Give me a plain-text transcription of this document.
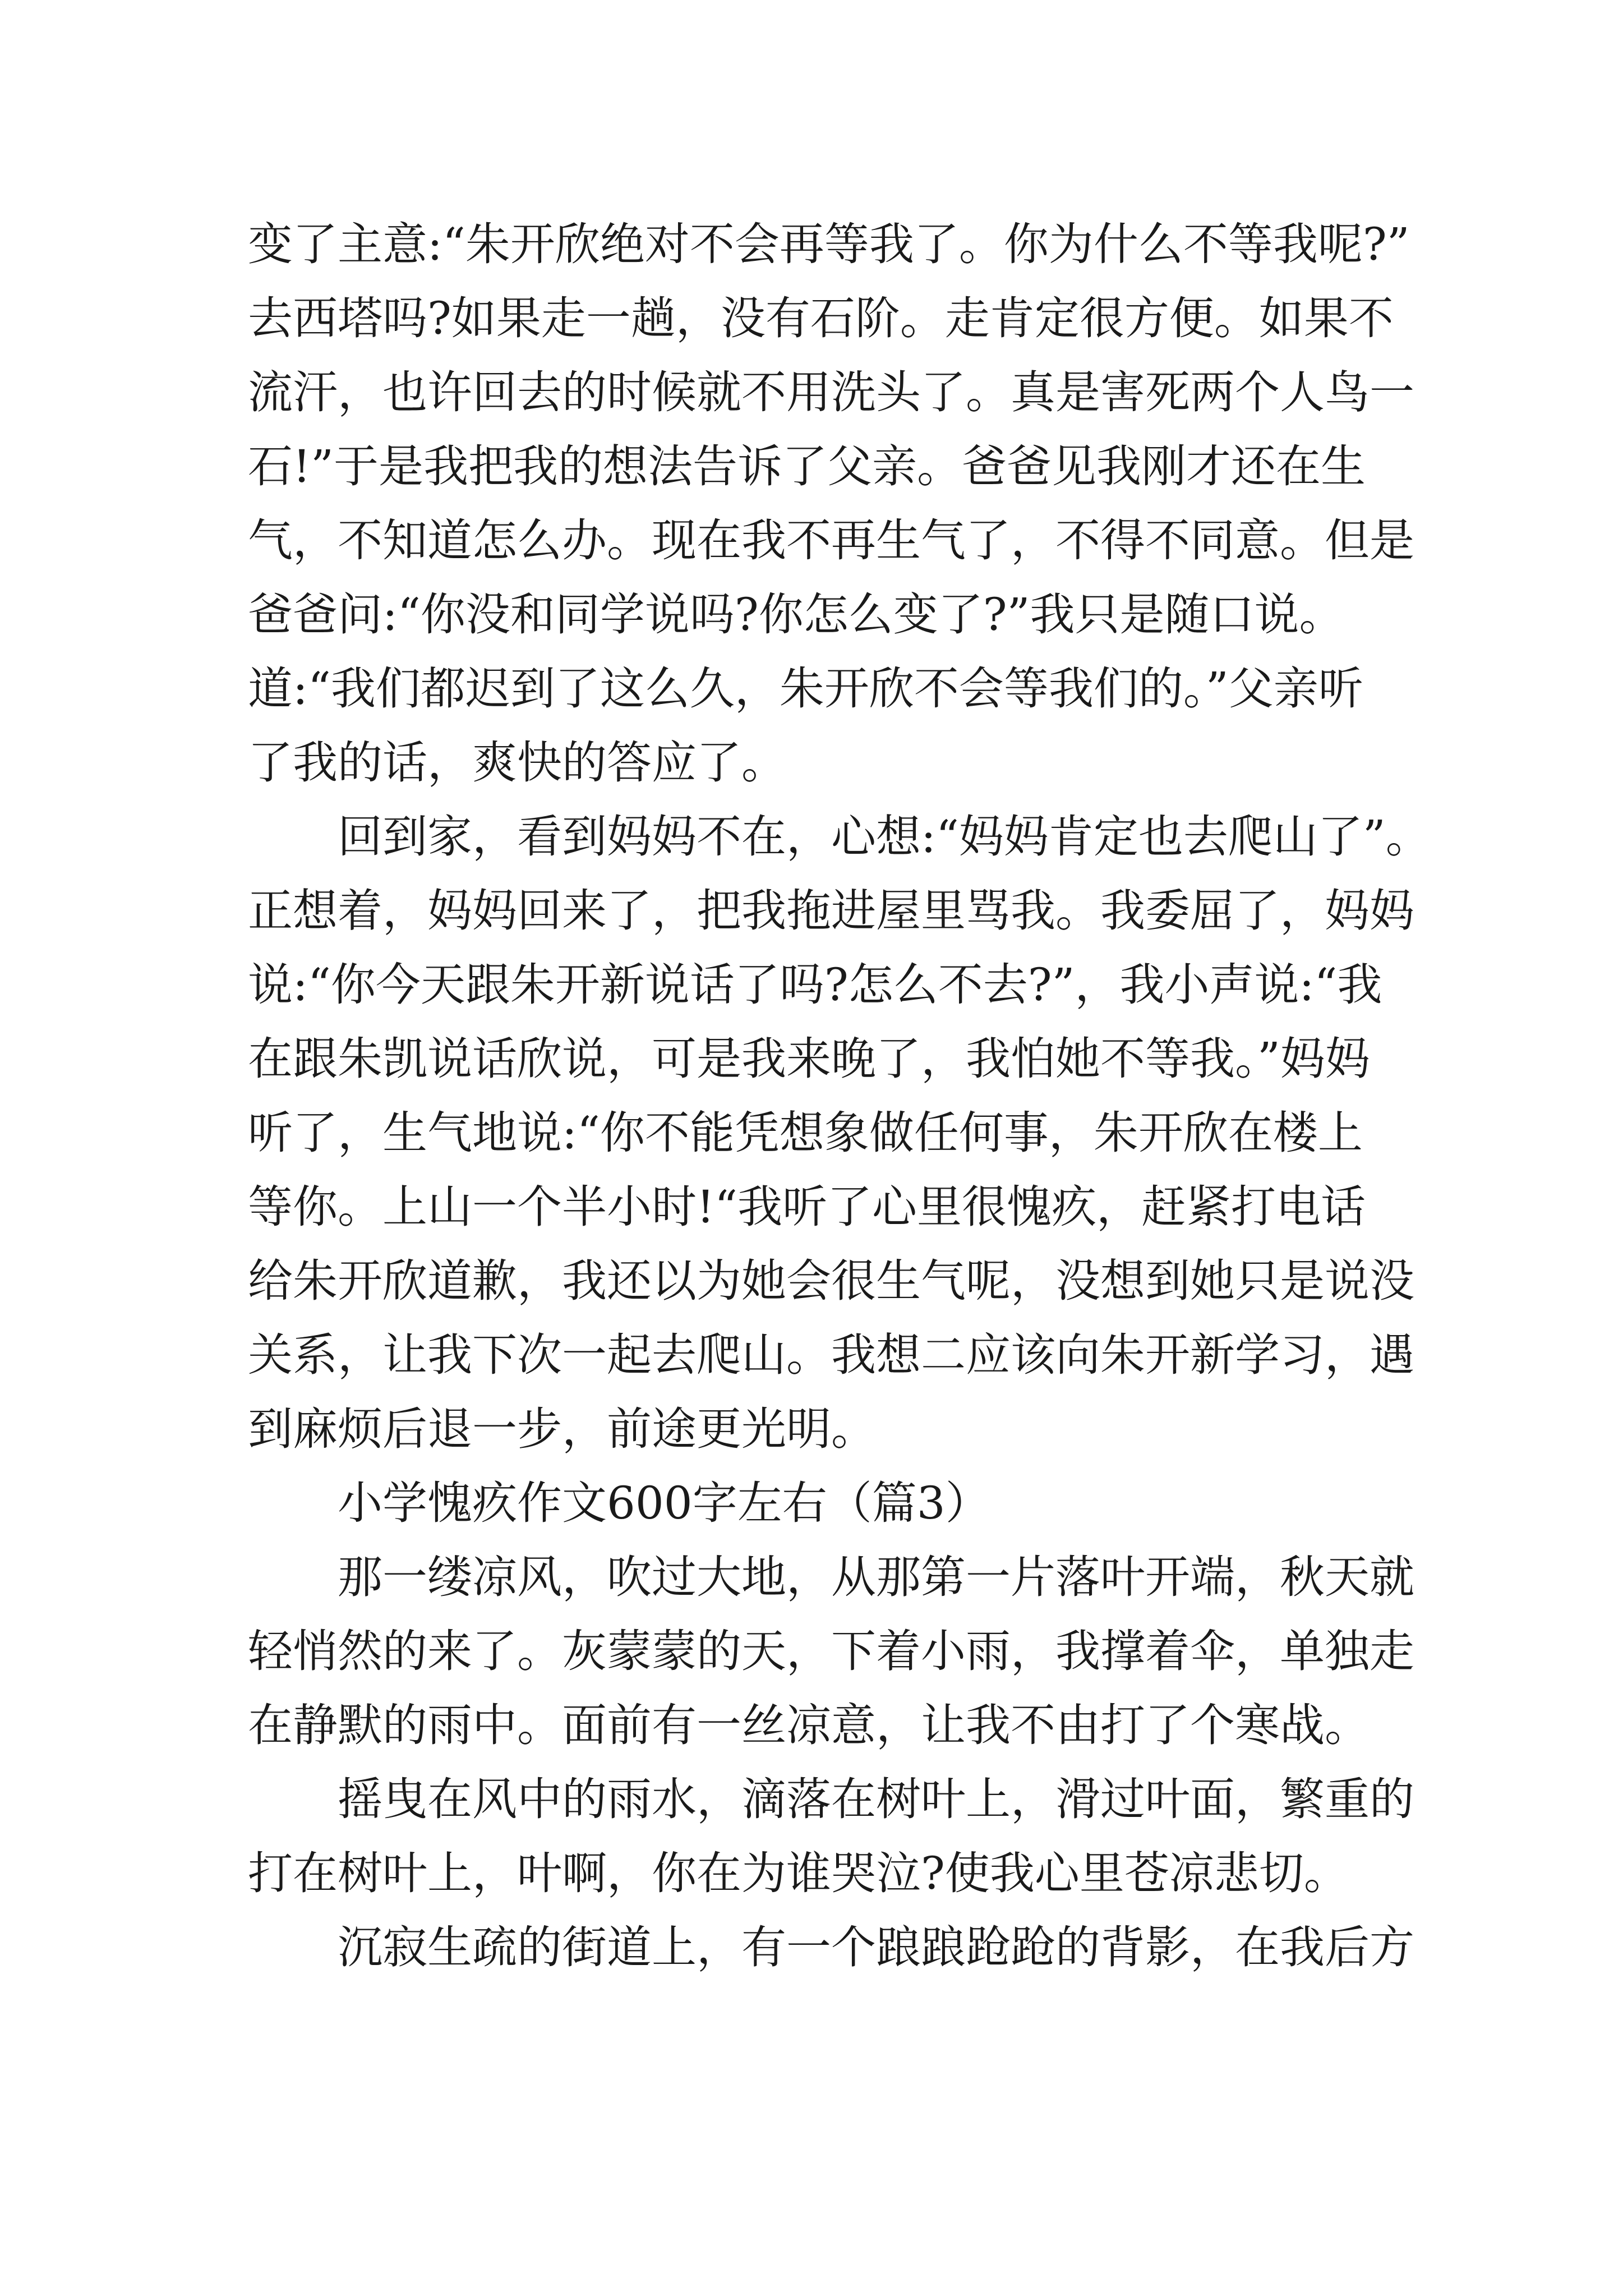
变了主意:“朱开欣绝对不会再等我了。你为什么不等我呢?”
去西塔吗?如果走一趟，没有石阶。走肯定很方便。如果不
流汗，也许回去的时候就不用洗头了。真是害死两个人鸟一
石!”于是我把我的想法告诉了父亲。爸爸见我刚才还在生
气，不知道怎么办。现在我不再生气了，不得不同意。但是
爸爸问:“你没和同学说吗?你怎么变了?”我只是随口说。
道:“我们都迟到了这么久，朱开欣不会等我们的。”父亲听
了我的话，爽快的答应了。
回到家，看到妈妈不在，心想:“妈妈肯定也去爬山了”。
正想着，妈妈回来了，把我拖进屋里骂我。我委屈了，妈妈
说:“你今天跟朱开新说话了吗?怎么不去?”，我小声说:“我
在跟朱凯说话欣说，可是我来晚了，我怕她不等我。”妈妈
听了，生气地说:“你不能凭想象做任何事，朱开欣在楼上
等你。上山一个半小时!“我听了心里很愧疚，赶紧打电话
给朱开欣道歉，我还以为她会很生气呢，没想到她只是说没
关系，让我下次一起去爬山。我想二应该向朱开新学习，遇
到麻烦后退一步，前途更光明。
小学愧疚作文600字左右（篇3）
那一缕凉风，吹过大地，从那第一片落叶开端，秋天就
轻悄然的来了。灰蒙蒙的天，下着小雨，我撑着伞，单独走
在静默的雨中。面前有一丝凉意，让我不由打了个寒战。
摇曳在风中的雨水，滴落在树叶上，滑过叶面，繁重的
打在树叶上，叶啊，你在为谁哭泣?使我心里苍凉悲切。
沉寂生疏的街道上，有一个踉踉跄跄的背影，在我后方
